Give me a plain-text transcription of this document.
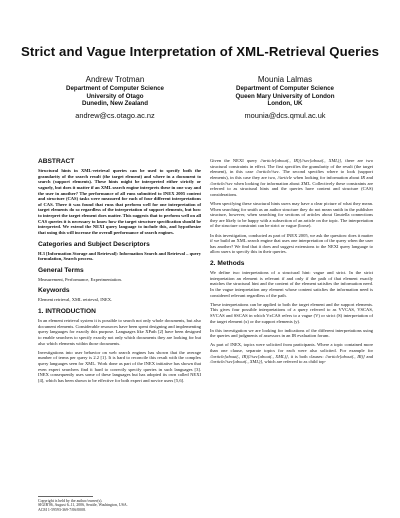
Strict and Vague Interpretation of XML-Retrieval Queries
Andrew Trotman
Department of Computer Science
University of Otago
Dunedin, New Zealand
andrew@cs.otago.ac.nz
Mounia Lalmas
Department of Computer Science
Queen Mary University of London
London, UK
mounia@dcs.qmul.ac.uk
ABSTRACT

Structural hints in XML-retrieval queries can be used to specify both the granularity of the search result (the target element) and where in a document to search (support elements). These hints might be interpreted either strictly or vaguely, but does it matter if an XML search engine interprets these in one way and the user in another? The performance of all runs submitted to INEX 2005 content and structure (CAS) tasks were measured for each of four different interpretations of CAS. There it was found that runs that perform well for one interpretation of target elements do so regardless of the interpretation of support elements, but how to interpret the target element does matter. This suggests that to perform well on all CAS queries it is necessary to know how the target structure specification should be interpreted. We extend the NEXI query language to include this, and hypothesize that using this will increase the overall performance of search engines.

Categories and Subject Descriptors

H.3 [Information Storage and Retrieval]: Information Search and Retrieval – query formulation, Search process.

General Terms

Measurement, Performance, Experimentation.

Keywords

Element retrieval, XML retrieval, INEX.

1. INTRODUCTION

In an element retrieval system it is possible to search not only whole documents, but also document elements. Considerable resources have been spent designing and implementing query languages for exactly this purpose. Languages like XPath [2] have been designed to enable searchers to specify exactly not only which documents they are looking for but also which elements within those documents.

Investigations into user behavior on web search engines has shown that the average number of terms per query is 2.2 [1]. It is hard to reconcile this result with the complex query languages seen for XML. Work done as part of the INEX initiative has shown that even expert searchers find it hard to correctly specify queries in such languages [3]. INEX consequently uses some of these languages but has adopted its own called NEXI [4], which has been shown to be effective for both expert and novice users [5,6].

Given the NEXI query //article[about(., IR)]//sec[about(., XML)], there are two structural constraints in effect. The first specifies the granularity of the result (the target element), in this case //article//sec. The second specifies where to look (support elements), in this case they are two, //article when looking for information about IR and //article//sec when looking for information about XML. Collectively these constraints are referred to as structural hints and the queries have content and structure (CAS) considerations.

When specifying these structural hints users may have a clear picture of what they mean. When searching for smith as an author structure they do not mean smith in the publisher structure, however, when searching for sections of articles about Gnutella connections they are likely to be happy with a subsection of an article on the topic. The interpretation of the structure constraint can be strict or vague (loose).

In this investigation, conducted as part of INEX 2005, we ask the question: does it matter if we build an XML search engine that uses one interpretation of the query when the user has another? We find that it does and suggest extensions to the NEXI query language to allow users to specify this in their queries.

2. Methods

We define two interpretations of a structural hint: vague and strict. In the strict interpretation an element is relevant if and only if the path of that element exactly matches the structural hint and the content of the element satisfies the information need. In the vague interpretation any element whose content satisfies the information need is considered relevant regardless of the path.

These interpretations can be applied to both the target element and the support elements. This gives four possible interpretations of a query referred to as VVCAS, VSCAS, SVCAS and SSCAS in which VxCAS refers to a vague (V) or strict (S) interpretation of the target element (x) or the support elements (y).

In this investigation we are looking for indications of the different interpretations using the queries and judgments of assessors in an IR evaluation forum.

As part of INEX, topics were solicited from participants. Where a topic contained more than one clause, separate topics for each were also solicited. For example for //article[about(., IR)]//sec[about(., XML)], it is both clauses: //article[about(., IR)] and //article//sec[about(., XML)], which are referred to as child top-

Copyright is held by the author/owner(s).
SIGIR'06, August 6–11, 2006, Seattle, Washington, USA.
ACM 1-59593-369-7/06/0008.
